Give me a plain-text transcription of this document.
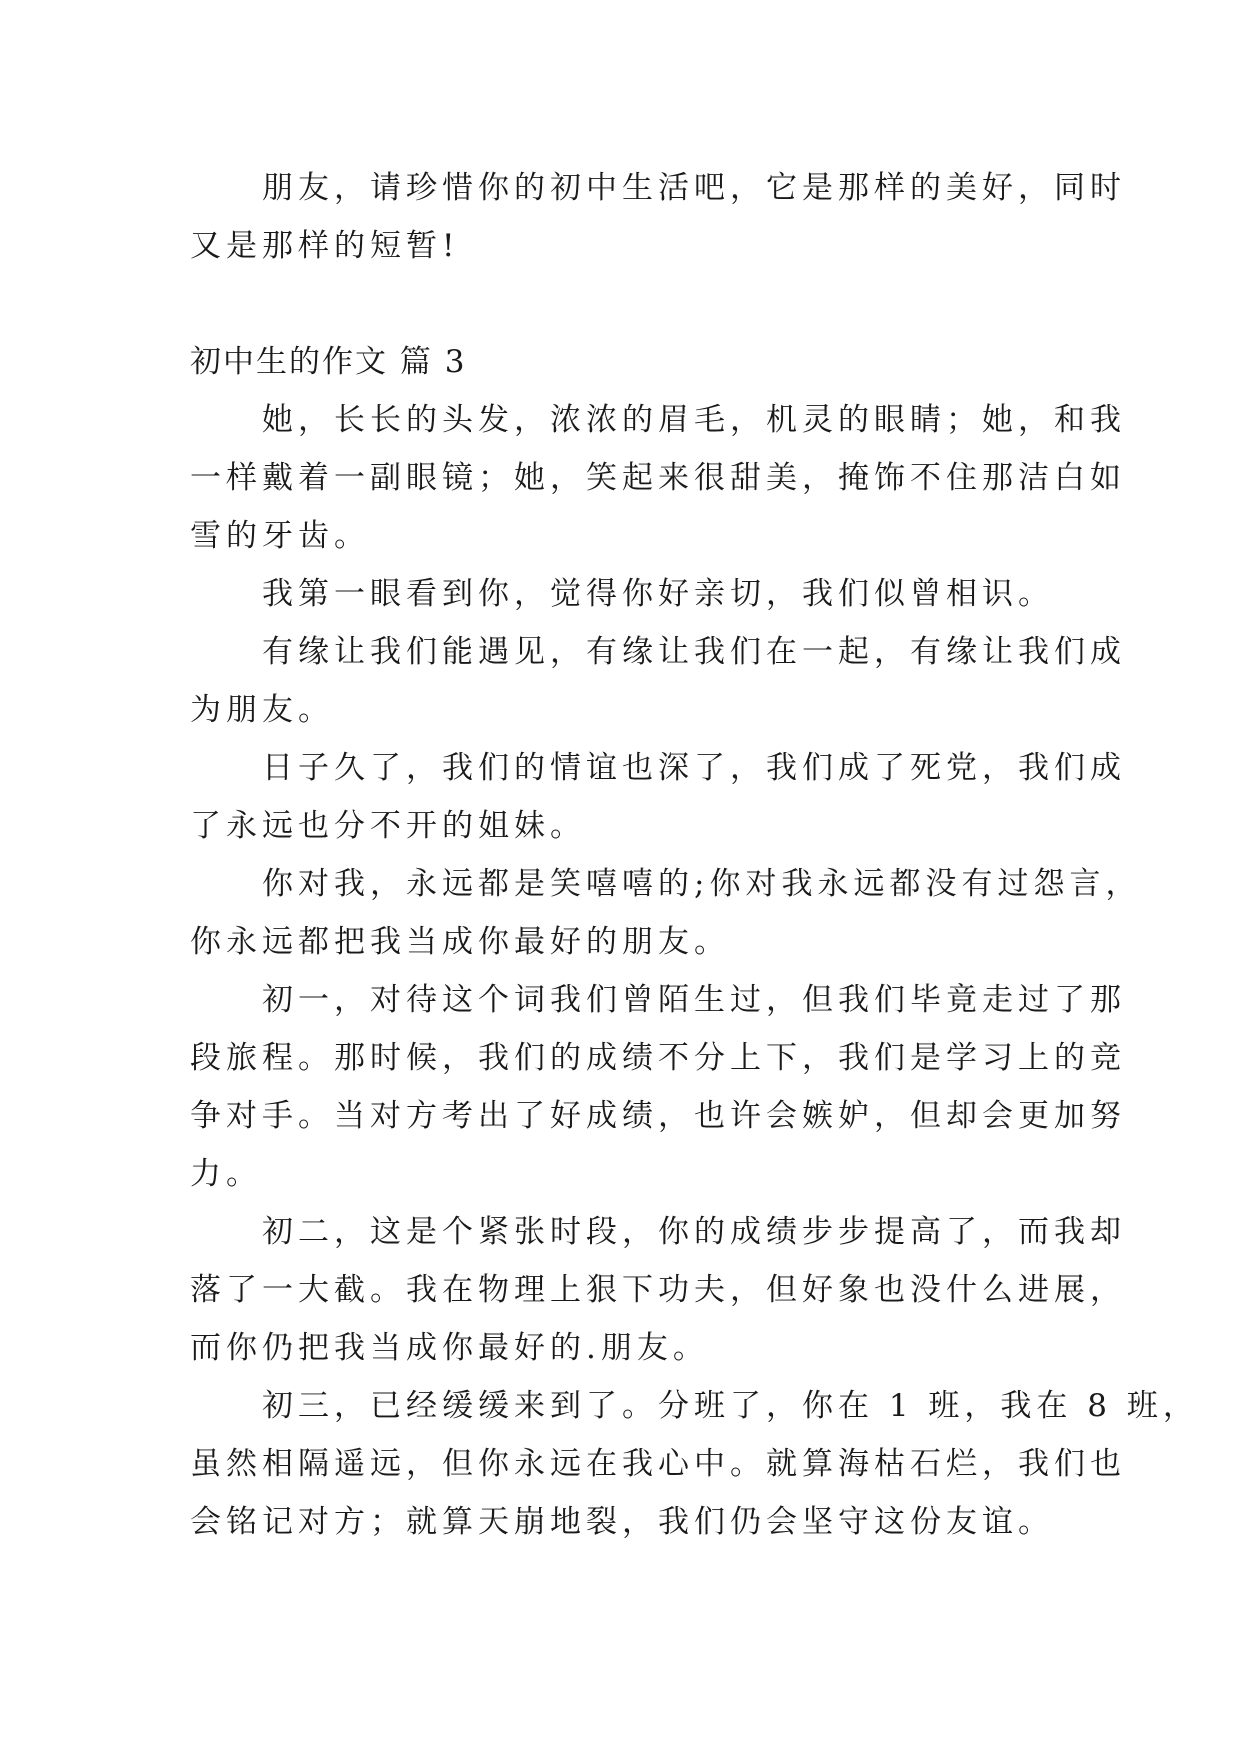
　　朋友，请珍惜你的初中生活吧，它是那样的美好，同时
又是那样的短暂!
初中生的作文 篇 3
　　她，长长的头发，浓浓的眉毛，机灵的眼睛；她，和我
一样戴着一副眼镜；她，笑起来很甜美，掩饰不住那洁白如
雪的牙齿。
　　我第一眼看到你，觉得你好亲切，我们似曾相识。
　　有缘让我们能遇见，有缘让我们在一起，有缘让我们成
为朋友。
　　日子久了，我们的情谊也深了，我们成了死党，我们成
了永远也分不开的姐妹。
　　你对我，永远都是笑嘻嘻的;你对我永远都没有过怨言，
你永远都把我当成你最好的朋友。
　　初一，对待这个词我们曾陌生过，但我们毕竟走过了那
段旅程。那时候，我们的成绩不分上下，我们是学习上的竞
争对手。当对方考出了好成绩，也许会嫉妒，但却会更加努
力。
　　初二，这是个紧张时段，你的成绩步步提高了，而我却
落了一大截。我在物理上狠下功夫，但好象也没什么进展，
而你仍把我当成你最好的.朋友。
　　初三，已经缓缓来到了。分班了，你在 1 班，我在 8 班，
虽然相隔遥远，但你永远在我心中。就算海枯石烂，我们也
会铭记对方；就算天崩地裂，我们仍会坚守这份友谊。
